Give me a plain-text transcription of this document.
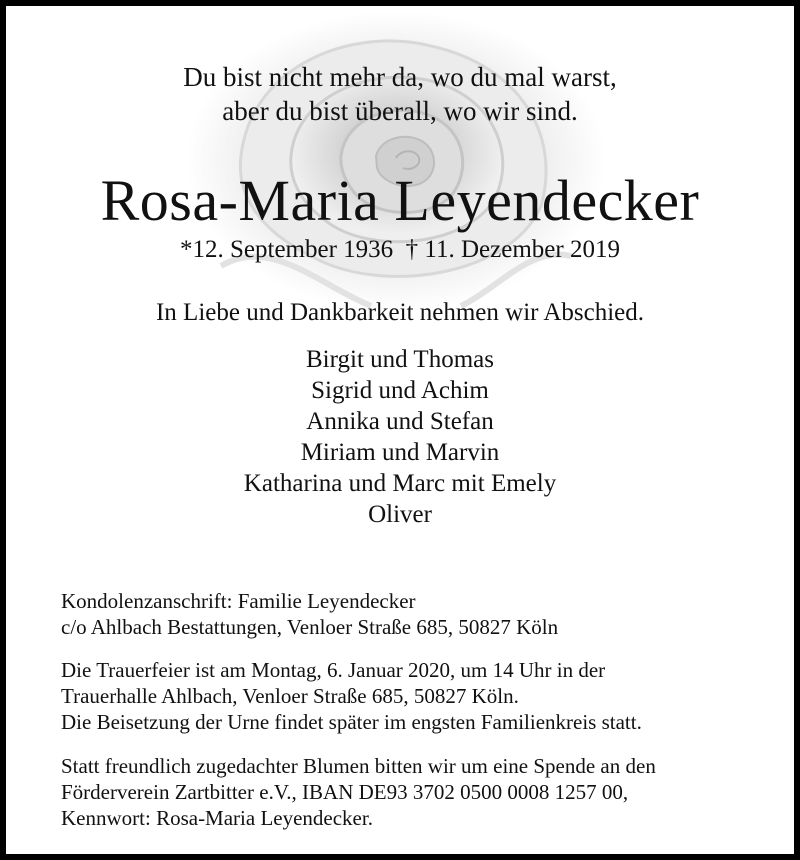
Du bist nicht mehr da, wo du mal warst,
aber du bist überall, wo wir sind.
Rosa-Maria Leyendecker
*12. September 1936  † 11. Dezember 2019
In Liebe und Dankbarkeit nehmen wir Abschied.
Birgit und Thomas
Sigrid und Achim
Annika und Stefan
Miriam und Marvin
Katharina und Marc mit Emely
Oliver
Kondolenzanschrift: Familie Leyendecker
c/o Ahlbach Bestattungen, Venloer Straße 685, 50827 Köln
Die Trauerfeier ist am Montag, 6. Januar 2020, um 14 Uhr in der
Trauerhalle Ahlbach, Venloer Straße 685, 50827 Köln.
Die Beisetzung der Urne findet später im engsten Familienkreis statt.
Statt freundlich zugedachter Blumen bitten wir um eine Spende an den
Förderverein Zartbitter e.V., IBAN DE93 3702 0500 0008 1257 00,
Kennwort: Rosa-Maria Leyendecker.
